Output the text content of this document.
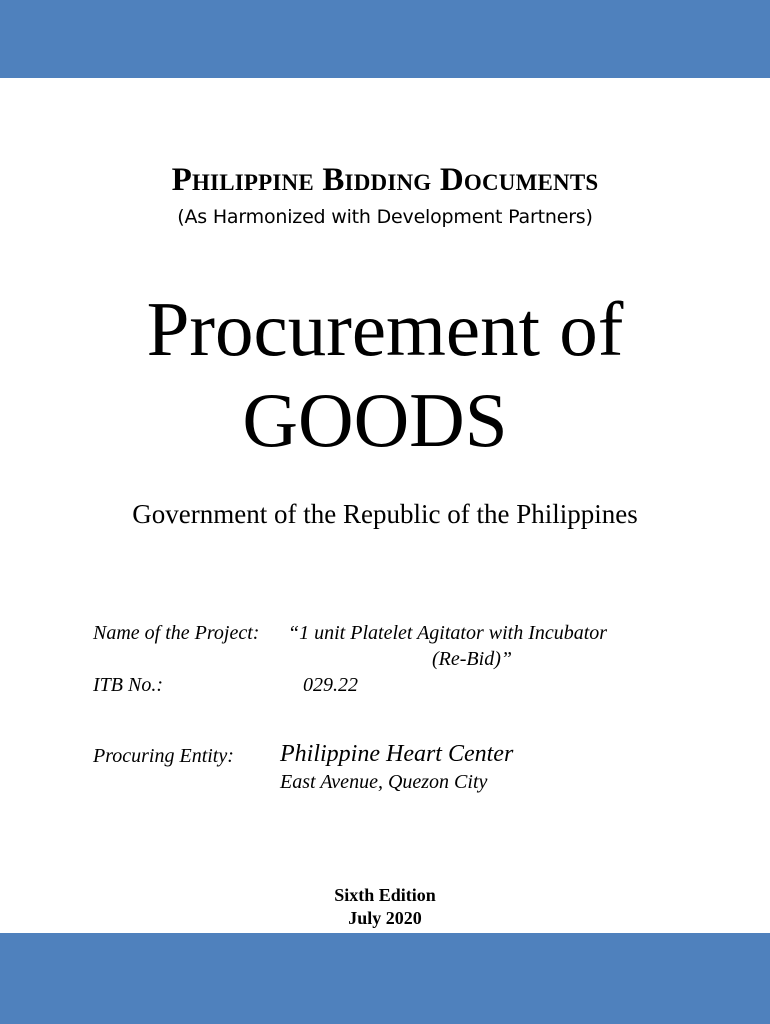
Philippine Bidding Documents
(As Harmonized with Development Partners)
Procurement of
GOODS
Government of the Republic of the Philippines
Name of the Project: “1 unit Platelet Agitator with Incubator
(Re-Bid)”
ITB No.:	029.22
Procuring Entity: Philippine Heart Center
East Avenue, Quezon City
Sixth Edition
July 2020
